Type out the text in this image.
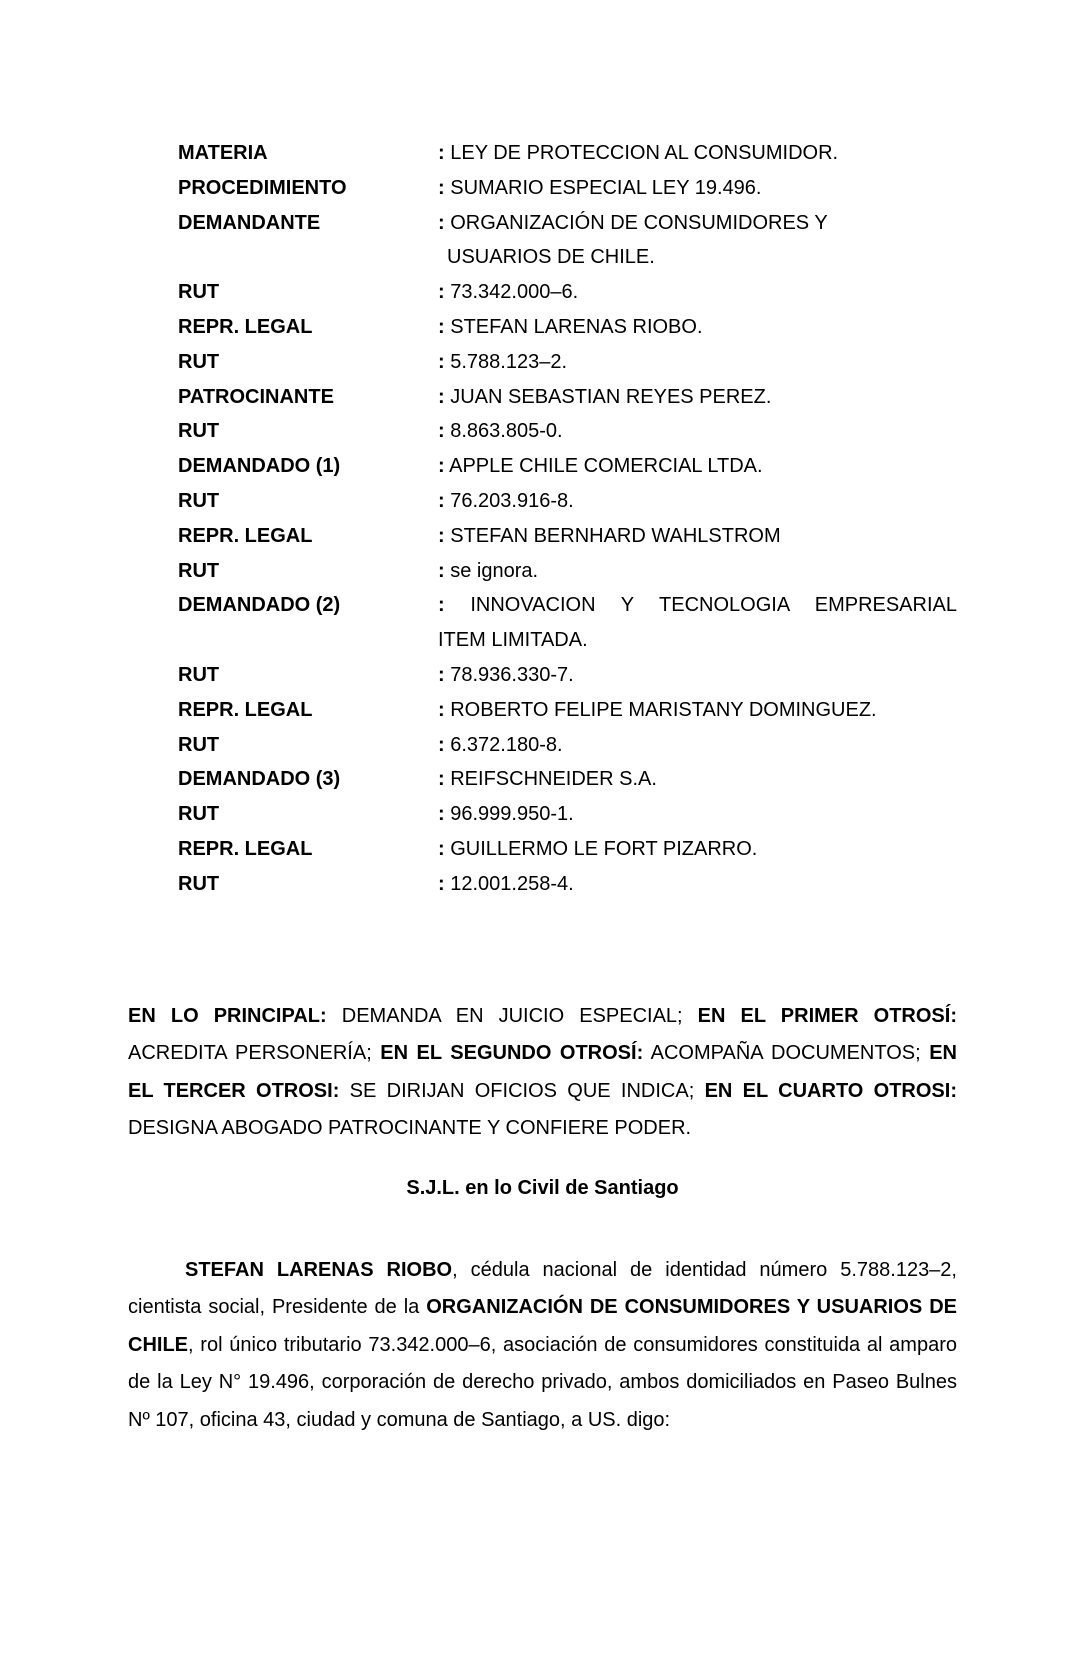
MATERIA	: LEY DE PROTECCION AL CONSUMIDOR.
PROCEDIMIENTO	: SUMARIO ESPECIAL LEY 19.496.
DEMANDANTE	: ORGANIZACIÓN DE CONSUMIDORES Y
USUARIOS DE CHILE.
RUT	: 73.342.000–6.
REPR. LEGAL	: STEFAN LARENAS RIOBO.
RUT	: 5.788.123–2.
PATROCINANTE	: JUAN SEBASTIAN REYES PEREZ.
RUT	: 8.863.805-0.
DEMANDADO (1)	: APPLE CHILE COMERCIAL LTDA.
RUT	: 76.203.916-8.
REPR. LEGAL	: STEFAN BERNHARD WAHLSTROM
RUT	: se ignora.
DEMANDADO (2)	: INNOVACION Y TECNOLOGIA EMPRESARIAL
ITEM LIMITADA.
RUT	: 78.936.330-7.
REPR. LEGAL	: ROBERTO FELIPE MARISTANY DOMINGUEZ.
RUT	: 6.372.180-8.
DEMANDADO (3)	: REIFSCHNEIDER S.A.
RUT	: 96.999.950-1.
REPR. LEGAL	: GUILLERMO LE FORT PIZARRO.
RUT	: 12.001.258-4.

EN LO PRINCIPAL: DEMANDA EN JUICIO ESPECIAL; EN EL PRIMER OTROSÍ: ACREDITA PERSONERÍA; EN EL SEGUNDO OTROSÍ: ACOMPAÑA DOCUMENTOS; EN EL TERCER OTROSI: SE DIRIJAN OFICIOS QUE INDICA; EN EL CUARTO OTROSI: DESIGNA ABOGADO PATROCINANTE Y CONFIERE PODER.

S.J.L. en lo Civil de Santiago

STEFAN LARENAS RIOBO, cédula nacional de identidad número 5.788.123–2, cientista social, Presidente de la ORGANIZACIÓN DE CONSUMIDORES Y USUARIOS DE CHILE, rol único tributario 73.342.000–6, asociación de consumidores constituida al amparo de la Ley N° 19.496, corporación de derecho privado, ambos domiciliados en Paseo Bulnes Nº 107, oficina 43, ciudad y comuna de Santiago, a US. digo:
